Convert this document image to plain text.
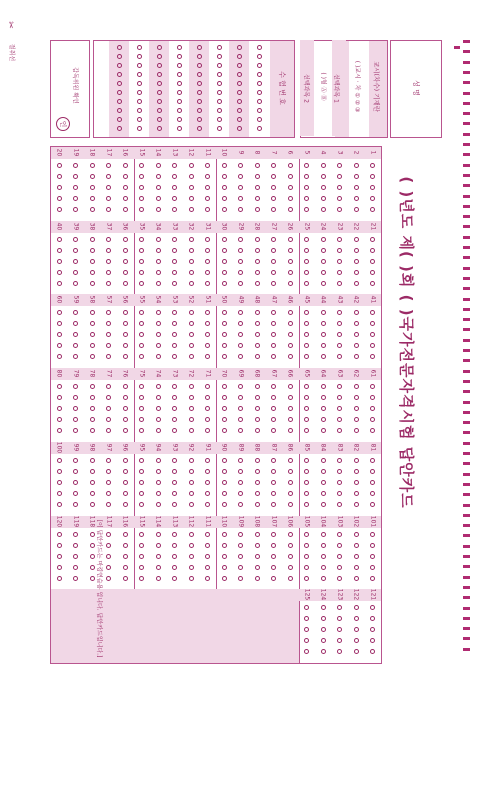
절취선
✂
( )년도 제( )회 ( )국가전문자격시험 답안카드
성 명
교시(차수) 기재란
( )교시 · 차 ① ② ③
( )형 Ⓐ Ⓑ	선택과목 1
선택과목 2
수 험 번 호
감독위원 확인
인
1
2
3
4
5
6
7
8
9
10
11
12
13
14
15
16
17
18
19
20
21
22
23
24
25
26
27
28
29
30
31
32
33
34
35
36
37
38
39
40
41
42
43
44
45
46
47
48
49
50
51
52
53
54
55
56
57
58
59
60
61
62
63
64
65
66
67
68
69
70
71
72
73
74
75
76
77
78
79
80
81
82
83
84
85
86
87
88
89
90
91
92
93
94
95
96
97
98
99
100
101
102
103
104
105
106
107
108
109
110
111
112
113
114
115
116
117
118
119
120
121
122
123
124
125
[이 답안카드는 마킹연습용 입니다. 답안카드입니다.]
